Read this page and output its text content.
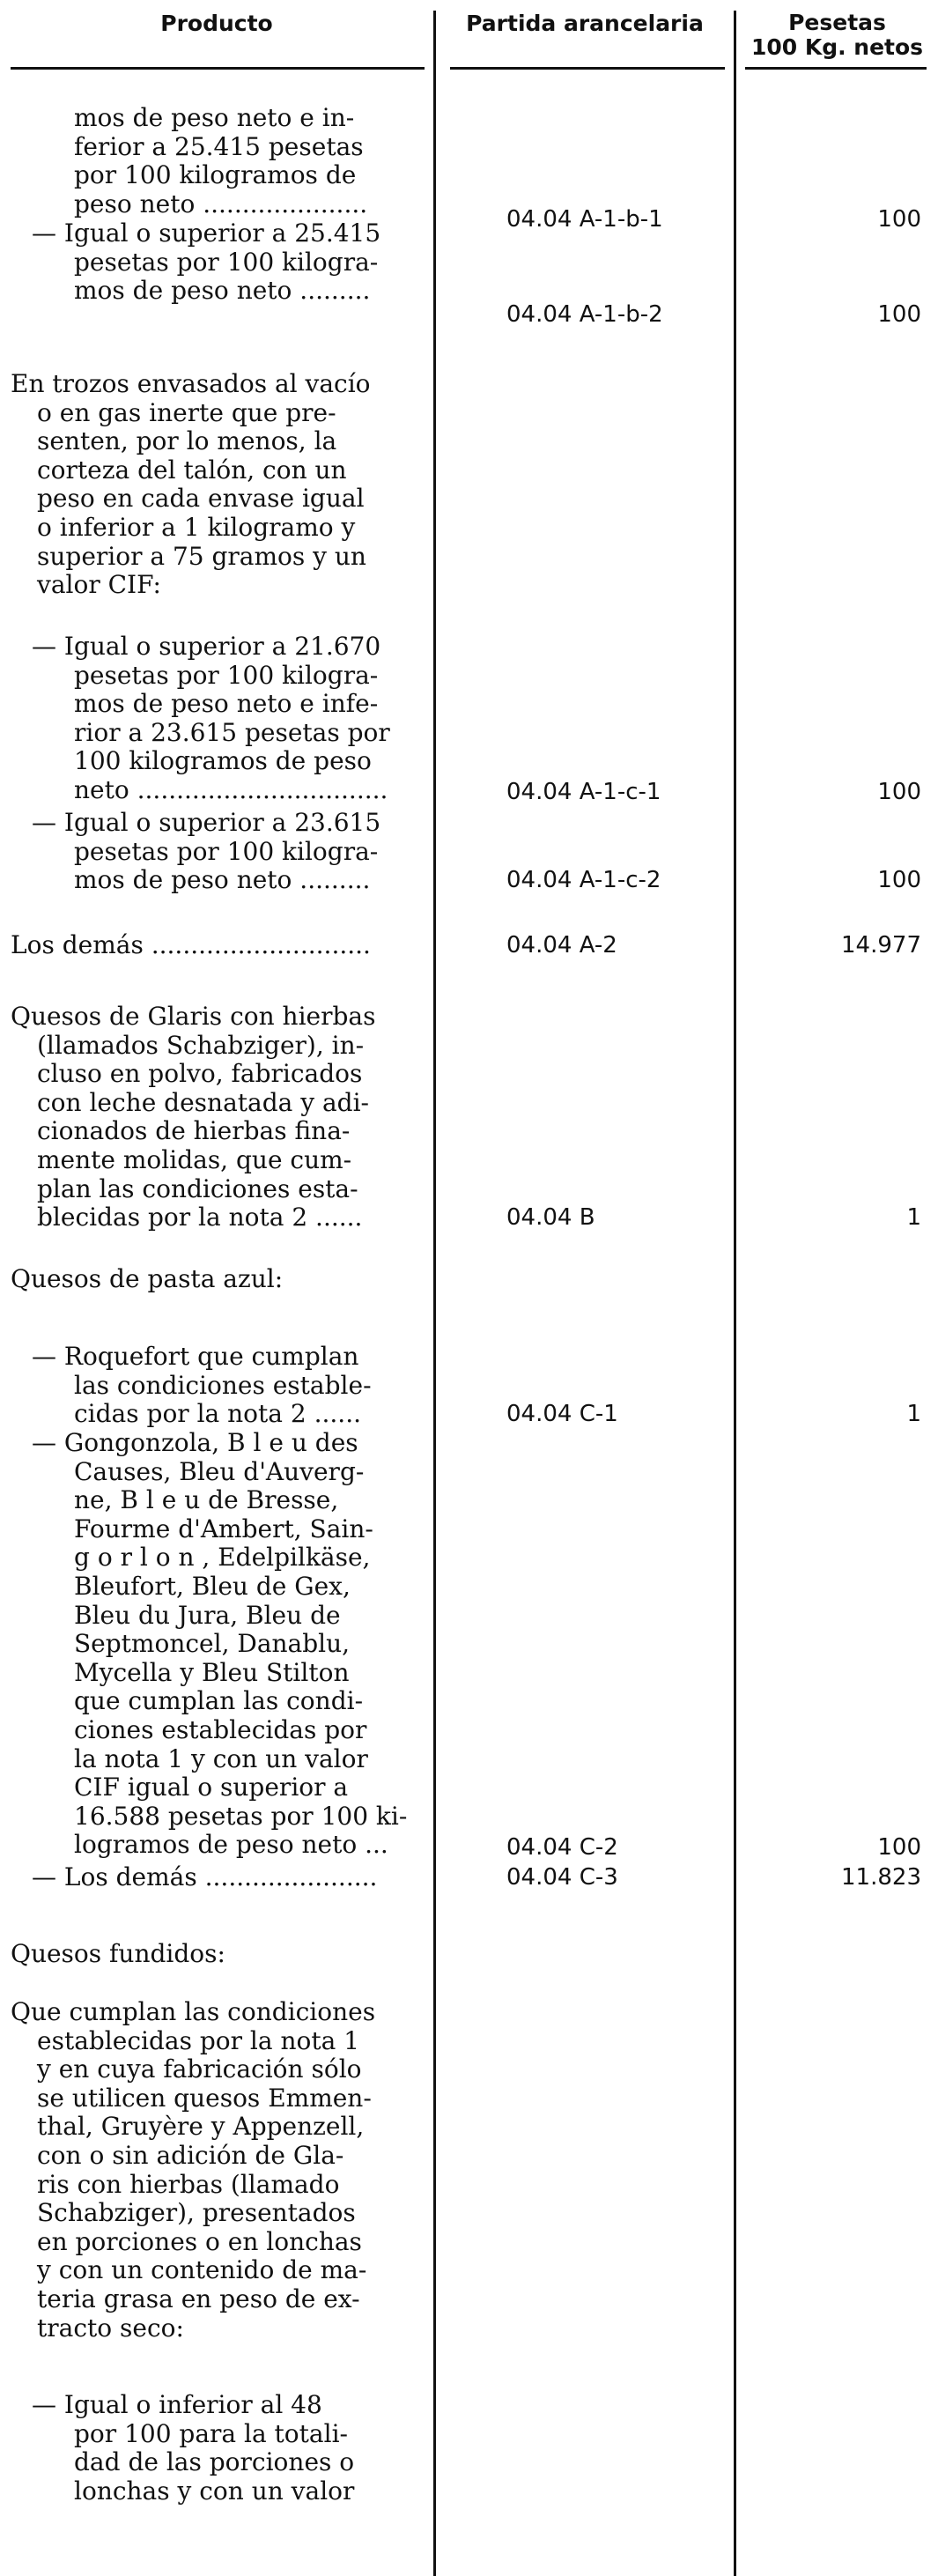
Producto	Partida arancelaria	Pesetas
100 Kg. netos
mos de peso neto e in-
ferior a 25.415 pesetas
por 100 kilogramos de
peso neto .....................
04.04 A-1-b-1	100
— Igual o superior a 25.415
pesetas por 100 kilogra-
mos de peso neto .........
04.04 A-1-b-2	100
En trozos envasados al vacío
o en gas inerte que pre-
senten, por lo menos, la
corteza del talón, con un
peso en cada envase igual
o inferior a 1 kilogramo y
superior a 75 gramos y un
valor CIF:
— Igual o superior a 21.670
pesetas por 100 kilogra-
mos de peso neto e infe-
rior a 23.615 pesetas por
100 kilogramos de peso
neto ................................	04.04 A-1-c-1	100
— Igual o superior a 23.615
pesetas por 100 kilogra-
mos de peso neto .........	04.04 A-1-c-2	100
Los demás ............................	04.04 A-2	14.977
Quesos de Glaris con hierbas
(llamados Schabziger), in-
cluso en polvo, fabricados
con leche desnatada y adi-
cionados de hierbas fina-
mente molidas, que cum-
plan las condiciones esta-
blecidas por la nota 2 ......	04.04 B	1
Quesos de pasta azul:
— Roquefort que cumplan
las condiciones estable-
cidas por la nota 2 ......	04.04 C-1	1
— Gongonzola, B l e u des
Causes, Bleu d'Auverg-
ne, B l e u de Bresse,
Fourme d'Ambert, Sain-
g o r l o n , Edelpilkäse,
Bleufort, Bleu de Gex,
Bleu du Jura, Bleu de
Septmoncel, Danablu,
Mycella y Bleu Stilton
que cumplan las condi-
ciones establecidas por
la nota 1 y con un valor
CIF igual o superior a
16.588 pesetas por 100 ki-
logramos de peso neto ...	04.04 C-2	100
— Los demás ......................	04.04 C-3	11.823
Quesos fundidos:
Que cumplan las condiciones
establecidas por la nota 1
y en cuya fabricación sólo
se utilicen quesos Emmen-
thal, Gruyère y Appenzell,
con o sin adición de Gla-
ris con hierbas (llamado
Schabziger), presentados
en porciones o en lonchas
y con un contenido de ma-
teria grasa en peso de ex-
tracto seco:
— Igual o inferior al 48
por 100 para la totali-
dad de las porciones o
lonchas y con un valor
